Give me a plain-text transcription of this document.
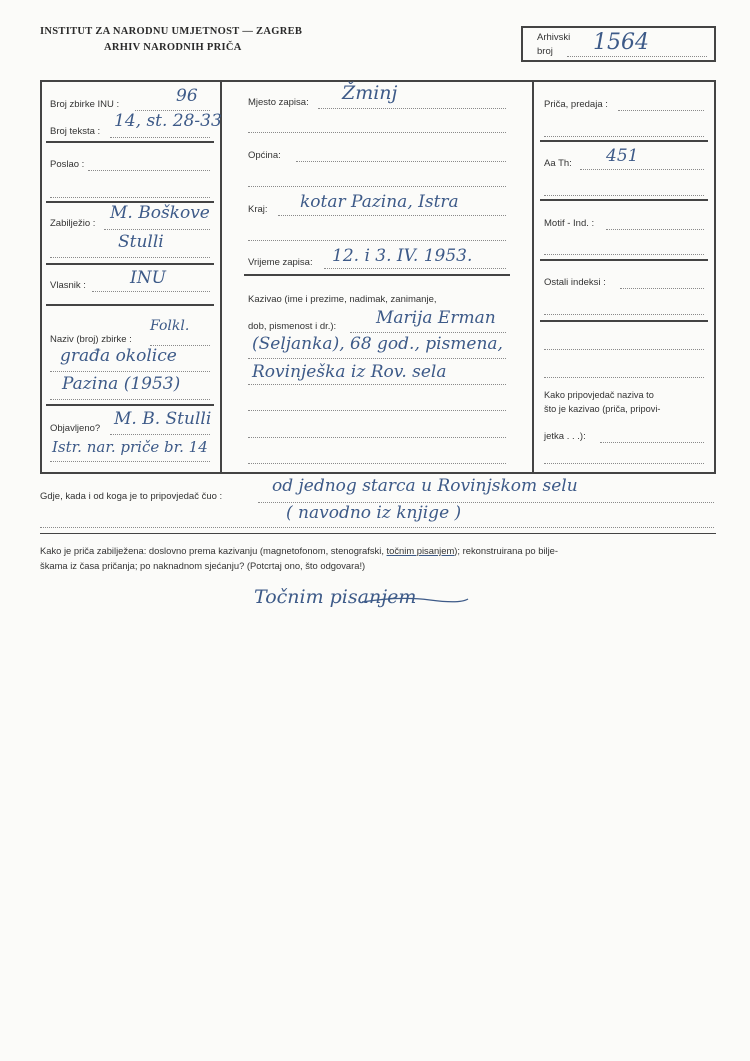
INSTITUT ZA NARODNU UMJETNOST — ZAGREB
ARHIV NARODNIH PRIČA
Arhivski
broj 1564
Broj zbirke INU :	96
Broj teksta :
14, st. 28-33
Poslao :
Zabilježio :
M. Boškove
Stulli
Vlasnik :	INU
Naziv (broj) zbirke :
Folkl.
građa okolice
Pazina (1953)
Objavljeno? M. B. Stulli
Istr. nar. priče br. 14
Žminj
Mjesto zapisa:
Općina:
Kraj: kotar Pazina, Istra
Vrijeme zapisa: 12. i 3. IV. 1953.
Kazivao (ime i prezime, nadimak, zanimanje,
dob, pismenost i dr.): Marija Erman
(Seljanka), 68 god., pismena,
Rovinješka iz Rov. sela
Priča, predaja :
Aa Th: 451
Motif - Ind. :
Ostali indeksi :
Kako pripovjedač naziva to
što je kazivao (priča, pripovi-
jetka . . .):
Gdje, kada i od koga je to pripovjedač čuo :
od jednog starca u Rovinjskom selu
( navodno iz knjige )
Kako je priča zabilježena: doslovno prema kazivanju (magnetofonom, stenografski, točnim pisanjem); rekonstruirana po bilje-
škama iz časa pričanja; po naknadnom sjećanju? (Potcrtaj ono, što odgovara!)
Točnim pisanjem
